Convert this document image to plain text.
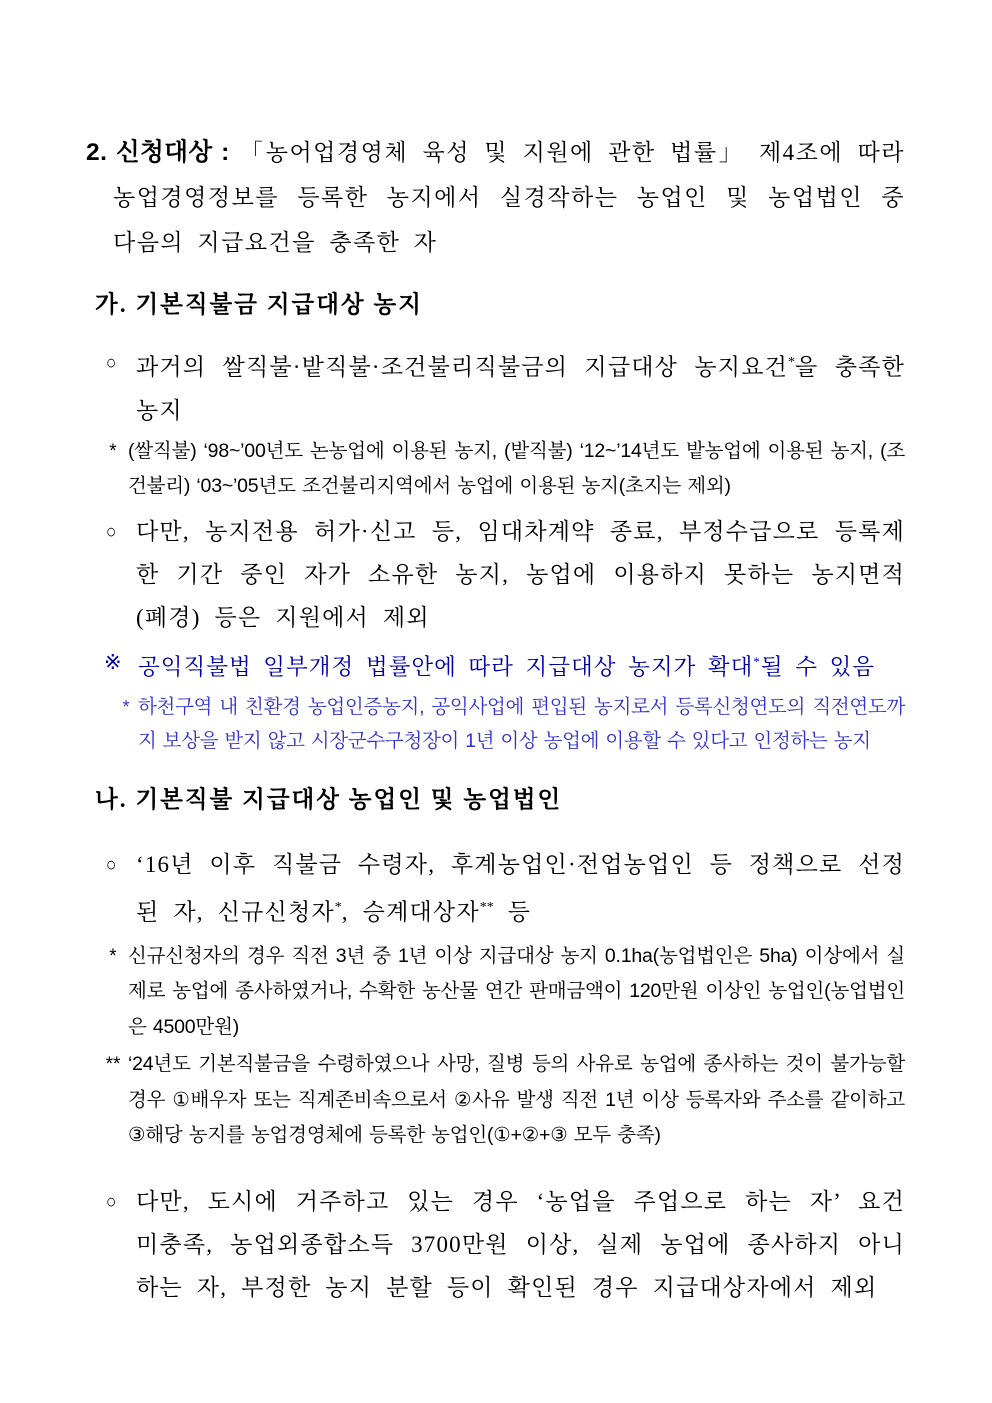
2. 신청대상 : 「농어업경영체 육성 및 지원에 관한 법률」 제4조에 따라 농업경영정보를 등록한 농지에서 실경작하는 농업인 및 농업법인 중 다음의 지급요건을 충족한 자

가. 기본직불금 지급대상 농지
○ 과거의 쌀직불·밭직불·조건불리직불금의 지급대상 농지요건*을 충족한 농지

* (쌀직불) ‘98~’00년도 논농업에 이용된 농지, (밭직불) ‘12~’14년도 밭농업에 이용된 농지, (조건불리) ‘03~’05년도 조건불리지역에서 농업에 이용된 농지(초지는 제외)

○ 다만, 농지전용 허가·신고 등, 임대차계약 종료, 부정수급으로 등록제한 기간 중인 자가 소유한 농지, 농업에 이용하지 못하는 농지면적(폐경) 등은 지원에서 제외

※ 공익직불법 일부개정 법률안에 따라 지급대상 농지가 확대*될 수 있음

* 하천구역 내 친환경 농업인증농지, 공익사업에 편입된 농지로서 등록신청연도의 직전연도까지 보상을 받지 않고 시장군수구청장이 1년 이상 농업에 이용할 수 있다고 인정하는 농지

나. 기본직불 지급대상 농업인 및 농업법인
○ ‘16년 이후 직불금 수령자, 후계농업인·전업농업인 등 정책으로 선정된 자, 신규신청자*, 승계대상자** 등

* 신규신청자의 경우 직전 3년 중 1년 이상 지급대상 농지 0.1ha(농업법인은 5ha) 이상에서 실제로 농업에 종사하였거나, 수확한 농산물 연간 판매금액이 120만원 이상인 농업인(농업법인은 4500만원)

** ‘24년도 기본직불금을 수령하였으나 사망, 질병 등의 사유로 농업에 종사하는 것이 불가능할 경우 ①배우자 또는 직계존비속으로서 ②사유 발생 직전 1년 이상 등록자와 주소를 같이하고 ③해당 농지를 농업경영체에 등록한 농업인(①+②+③ 모두 충족)

○ 다만, 도시에 거주하고 있는 경우 ‘농업을 주업으로 하는 자’ 요건 미충족, 농업외종합소득 3700만원 이상, 실제 농업에 종사하지 아니 하는 자, 부정한 농지 분할 등이 확인된 경우 지급대상자에서 제외
